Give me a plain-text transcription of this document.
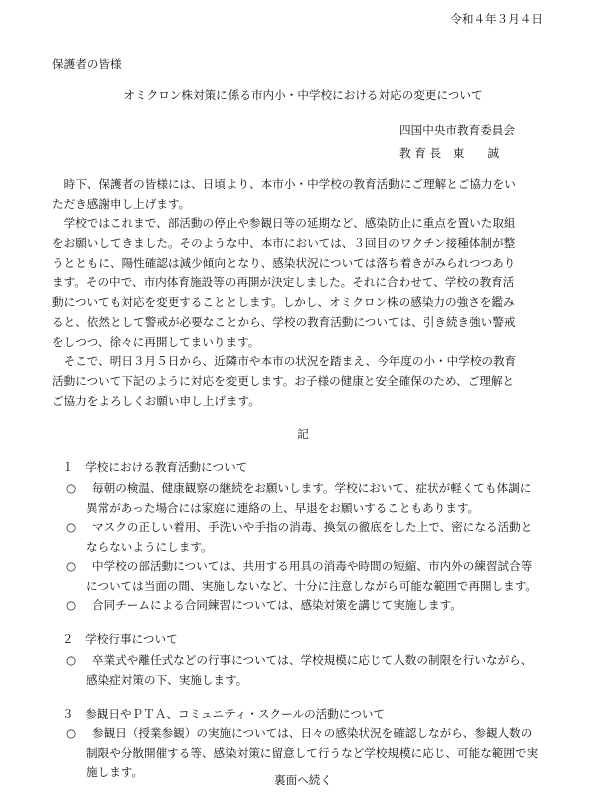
令和４年３月４日
保護者の皆様
オミクロン株対策に係る市内小・中学校における対応の変更について
四国中央市教育委員会
教 育 長　東　　誠
　時下、保護者の皆様には、日頃より、本市小・中学校の教育活動にご理解とご協力をい
ただき感謝申し上げます。
　学校ではこれまで、部活動の停止や参観日等の延期など、感染防止に重点を置いた取組
をお願いしてきました。そのような中、本市においては、３回目のワクチン接種体制が整
うとともに、陽性確認は減少傾向となり、感染状況については落ち着きがみられつつあり
ます。その中で、市内体育施設等の再開が決定しました。それに合わせて、学校の教育活
動についても対応を変更することとします。しかし、オミクロン株の感染力の強さを鑑み
ると、依然として警戒が必要なことから、学校の教育活動については、引き続き強い警戒
をしつつ、徐々に再開してまいります。
　そこで、明日３月５日から、近隣市や本市の状況を踏まえ、今年度の小・中学校の教育
活動について下記のように対応を変更します。お子様の健康と安全確保のため、ご理解と
ご協力をよろしくお願い申し上げます。
記
１　学校における教育活動について
○	毎朝の検温、健康観察の継続をお願いします。学校において、症状が軽くても体調に
異常があった場合には家庭に連絡の上、早退をお願いすることもあります。
○	マスクの正しい着用、手洗いや手指の消毒、換気の徹底をした上で、密になる活動と
ならないようにします。
○	中学校の部活動については、共用する用具の消毒や時間の短縮、市内外の練習試合等
については当面の間、実施しないなど、十分に注意しながら可能な範囲で再開します。
○	合同チームによる合同練習については、感染対策を講じて実施します。
２　学校行事について
○	卒業式や離任式などの行事については、学校規模に応じて人数の制限を行いながら、
感染症対策の下、実施します。
３　参観日やＰＴＡ、コミュニティ・スクールの活動について
○	参観日（授業参観）の実施については、日々の感染状況を確認しながら、参観人数の
制限や分散開催する等、感染対策に留意して行うなど学校規模に応じ、可能な範囲で実
施します。
裏面へ続く
